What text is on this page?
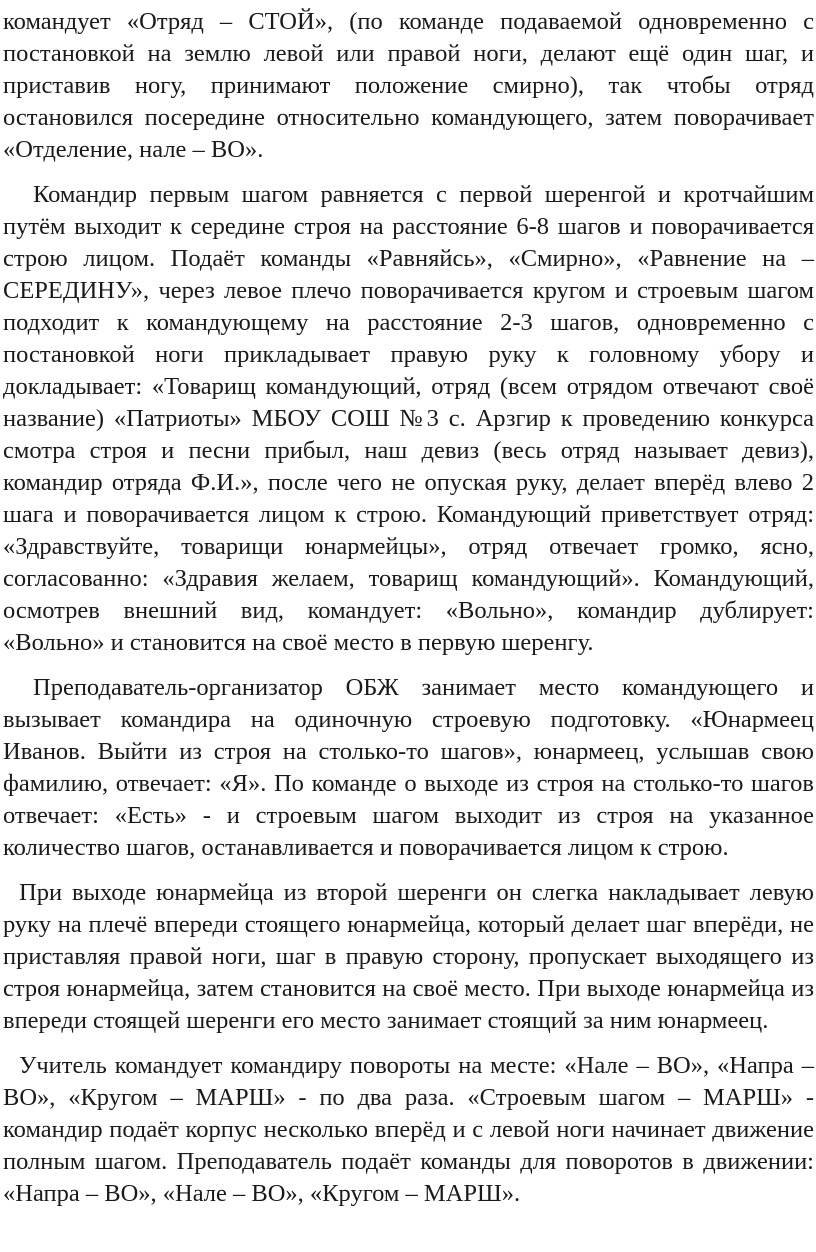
командует «Отряд – СТОЙ», (по команде подаваемой одновременно с постановкой на землю левой или правой ноги, делают ещё один шаг, и приставив ногу, принимают положение смирно), так чтобы отряд остановился посередине относительно командующего, затем поворачивает «Отделение, нале – ВО».

Командир первым шагом равняется с первой шеренгой и кротчайшим путём выходит к середине строя на расстояние 6-8 шагов и поворачивается строю лицом. Подаёт команды «Равняйсь», «Смирно», «Равнение на – СЕРЕДИНУ», через левое плечо поворачивается кругом и строевым шагом подходит к командующему на расстояние 2-3 шагов, одновременно с постановкой ноги прикладывает правую руку к головному убору и докладывает: «Товарищ командующий, отряд (всем отрядом отвечают своё название) «Патриоты» МБОУ СОШ №3 с. Арзгир к проведению конкурса смотра строя и песни прибыл, наш девиз (весь отряд называет девиз), командир отряда Ф.И.», после чего не опуская руку, делает вперёд влево 2 шага и поворачивается лицом к строю. Командующий приветствует отряд: «Здравствуйте, товарищи юнармейцы», отряд отвечает громко, ясно, согласованно: «Здравия желаем, товарищ командующий». Командующий, осмотрев внешний вид, командует: «Вольно», командир дублирует: «Вольно» и становится на своё место в первую шеренгу.

Преподаватель-организатор ОБЖ занимает место командующего и вызывает командира на одиночную строевую подготовку. «Юнармеец Иванов. Выйти из строя на столько-то шагов», юнармеец, услышав свою фамилию, отвечает: «Я». По команде о выходе из строя на столько-то шагов отвечает: «Есть» - и строевым шагом выходит из строя на указанное количество шагов, останавливается и поворачивается лицом к строю.

При выходе юнармейца из второй шеренги он слегка накладывает левую руку на плечё впереди стоящего юнармейца, который делает шаг вперёди, не приставляя правой ноги, шаг в правую сторону, пропускает выходящего из строя юнармейца, затем становится на своё место. При выходе юнармейца из впереди стоящей шеренги его место занимает стоящий за ним юнармеец.

Учитель командует командиру повороты на месте: «Нале – ВО», «Напра – ВО», «Кругом – МАРШ» - по два раза. «Строевым шагом – МАРШ» - командир подаёт корпус несколько вперёд и с левой ноги начинает движение полным шагом. Преподаватель подаёт команды для поворотов в движении: «Напра – ВО», «Нале – ВО», «Кругом – МАРШ».
